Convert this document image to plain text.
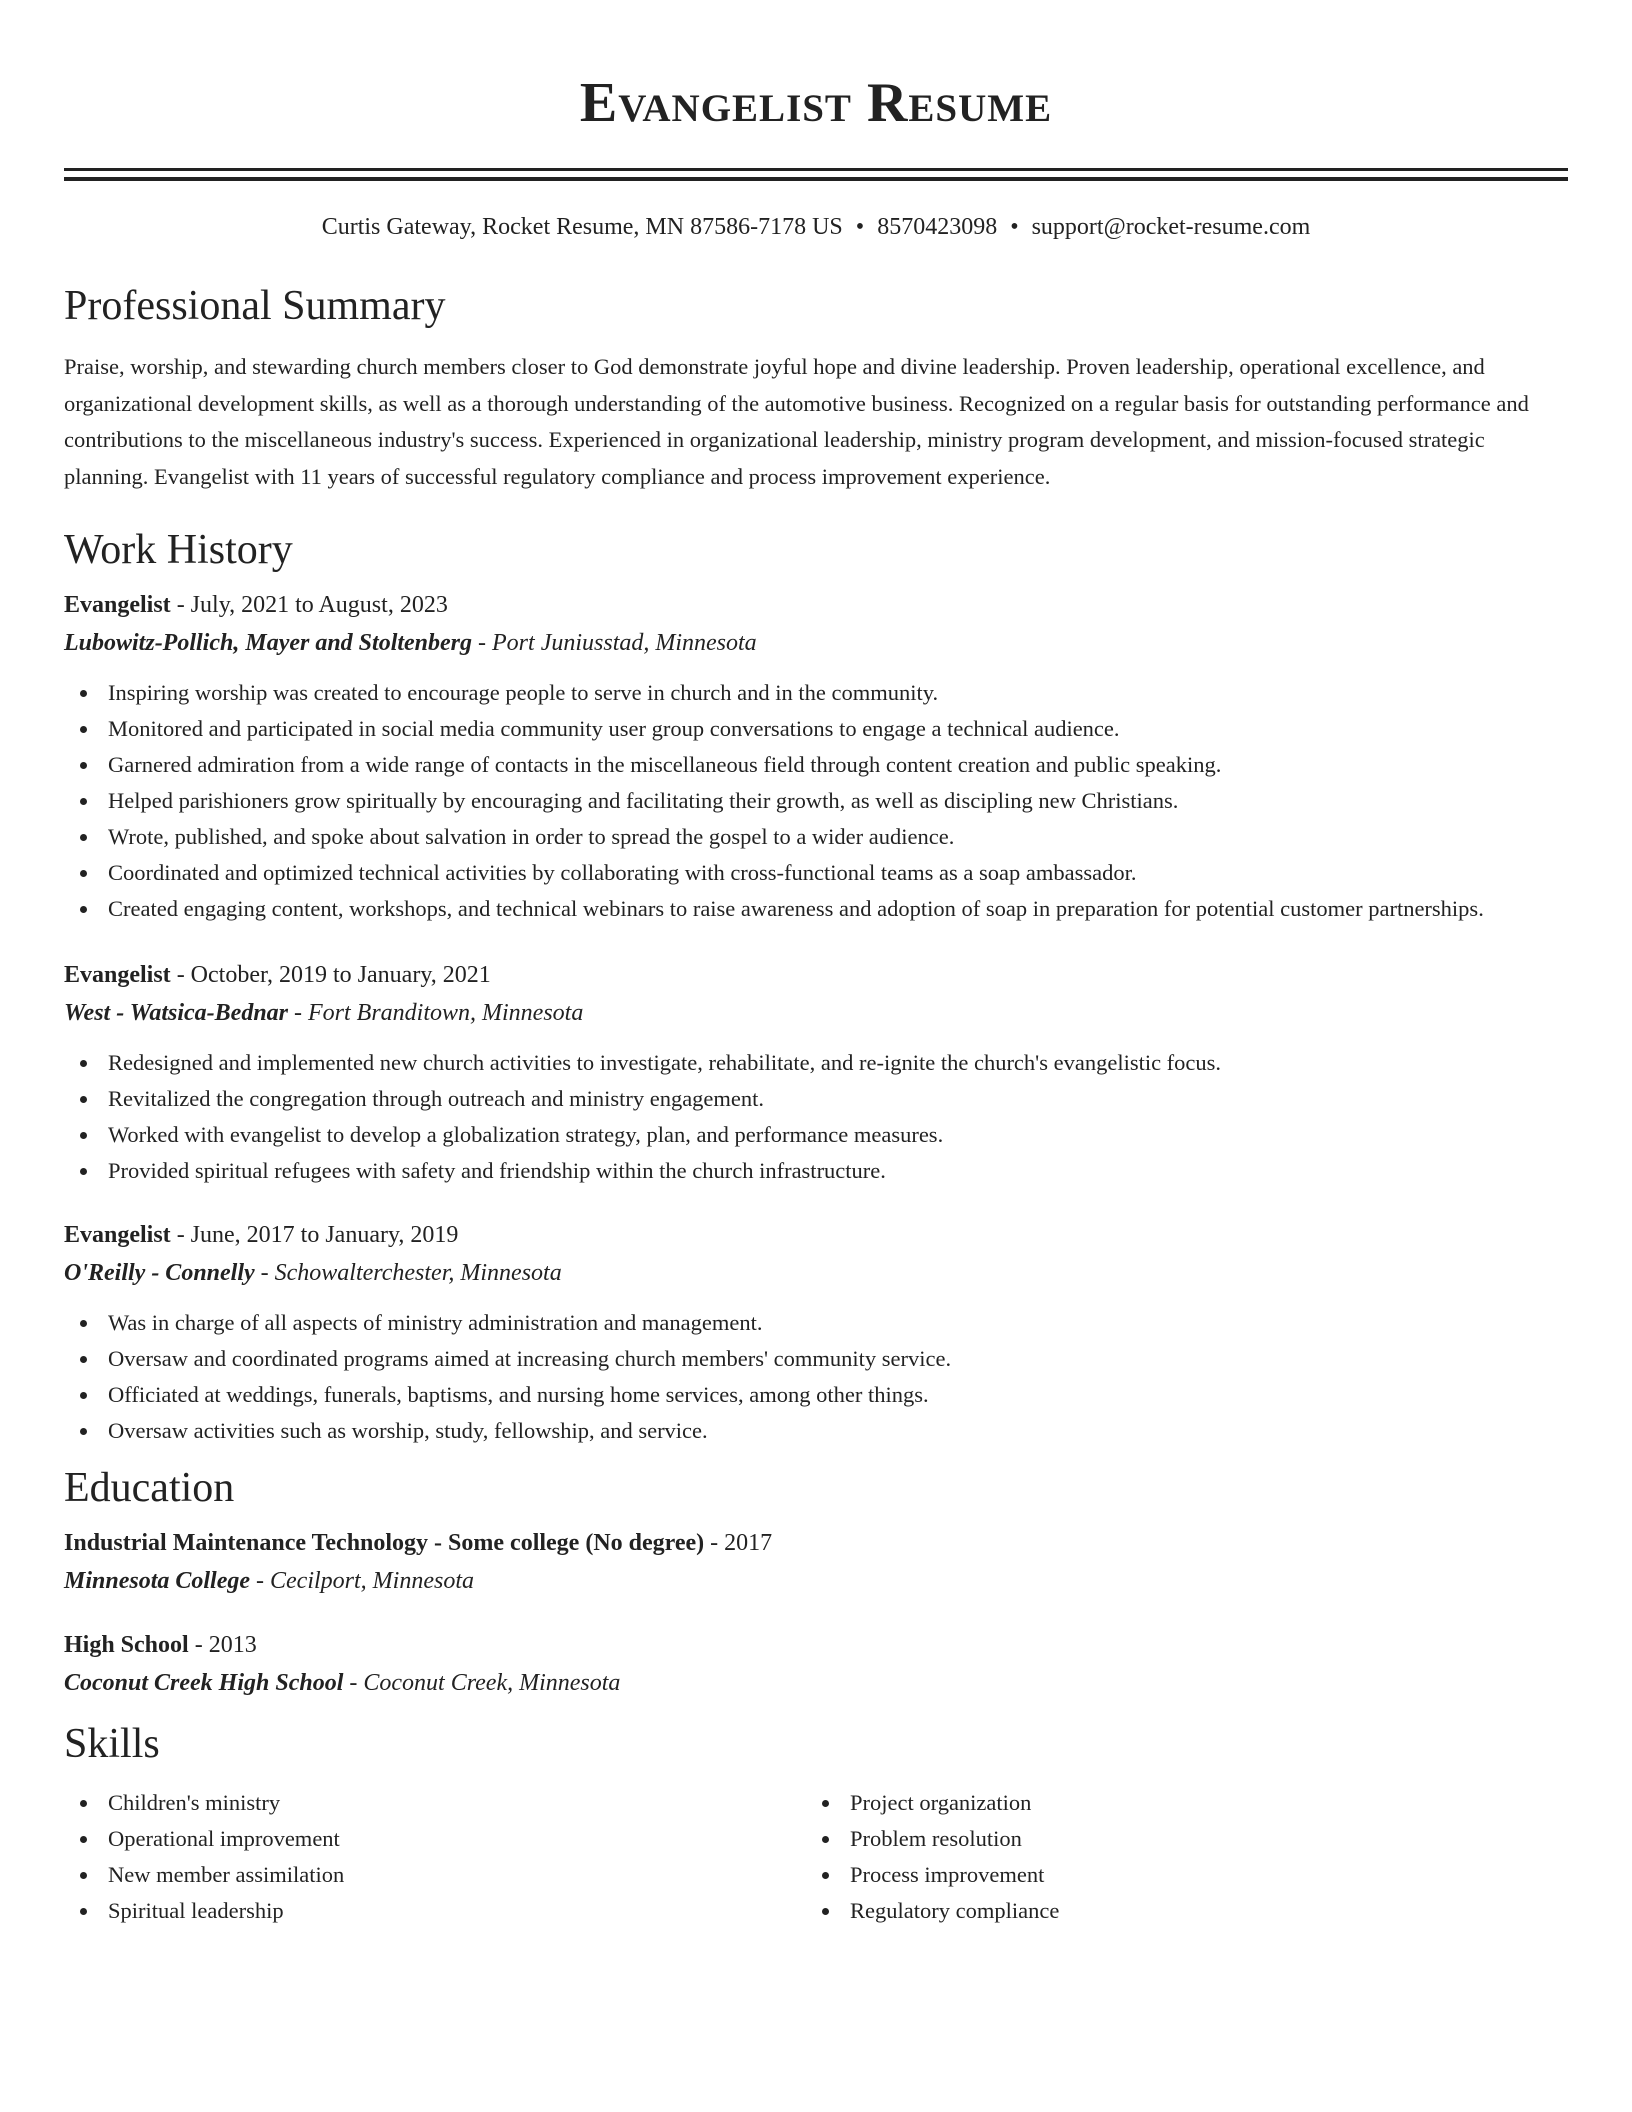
Evangelist Resume
Curtis Gateway, Rocket Resume, MN 87586-7178 US • 8570423098 • support@rocket-resume.com
Professional Summary
Praise, worship, and stewarding church members closer to God demonstrate joyful hope and divine leadership. Proven leadership, operational excellence, and organizational development skills, as well as a thorough understanding of the automotive business. Recognized on a regular basis for outstanding performance and contributions to the miscellaneous industry's success. Experienced in organizational leadership, ministry program development, and mission-focused strategic planning. Evangelist with 11 years of successful regulatory compliance and process improvement experience.
Work History
Evangelist - July, 2021 to August, 2023
Lubowitz-Pollich, Mayer and Stoltenberg - Port Juniusstad, Minnesota
Inspiring worship was created to encourage people to serve in church and in the community.
Monitored and participated in social media community user group conversations to engage a technical audience.
Garnered admiration from a wide range of contacts in the miscellaneous field through content creation and public speaking.
Helped parishioners grow spiritually by encouraging and facilitating their growth, as well as discipling new Christians.
Wrote, published, and spoke about salvation in order to spread the gospel to a wider audience.
Coordinated and optimized technical activities by collaborating with cross-functional teams as a soap ambassador.
Created engaging content, workshops, and technical webinars to raise awareness and adoption of soap in preparation for potential customer partnerships.
Evangelist - October, 2019 to January, 2021
West - Watsica-Bednar - Fort Branditown, Minnesota
Redesigned and implemented new church activities to investigate, rehabilitate, and re-ignite the church's evangelistic focus.
Revitalized the congregation through outreach and ministry engagement.
Worked with evangelist to develop a globalization strategy, plan, and performance measures.
Provided spiritual refugees with safety and friendship within the church infrastructure.
Evangelist - June, 2017 to January, 2019
O'Reilly - Connelly - Schowalterchester, Minnesota
Was in charge of all aspects of ministry administration and management.
Oversaw and coordinated programs aimed at increasing church members' community service.
Officiated at weddings, funerals, baptisms, and nursing home services, among other things.
Oversaw activities such as worship, study, fellowship, and service.
Education
Industrial Maintenance Technology - Some college (No degree) - 2017
Minnesota College - Cecilport, Minnesota
High School - 2013
Coconut Creek High School - Coconut Creek, Minnesota
Skills
Children's ministry
Operational improvement
New member assimilation
Spiritual leadership
Project organization
Problem resolution
Process improvement
Regulatory compliance
